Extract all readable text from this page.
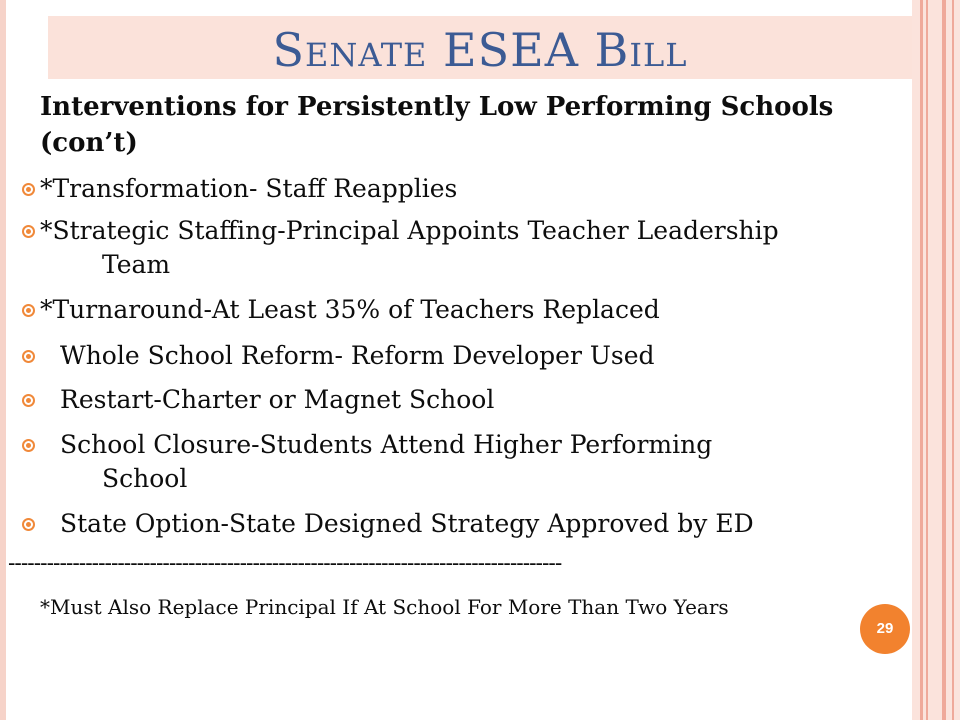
Senate ESEA Bill
Interventions for Persistently Low Performing Schools (con’t)
*Transformation- Staff Reapplies
*Strategic Staffing-Principal Appoints Teacher Leadership
Team
*Turnaround-At Least 35% of Teachers Replaced
Whole School Reform- Reform Developer Used
Restart-Charter or Magnet School
School Closure-Students Attend Higher Performing
School
State Option-State Designed Strategy Approved by ED
--------------------------------------------------------------------------------------
*Must Also Replace Principal If At School For More Than Two Years
29
